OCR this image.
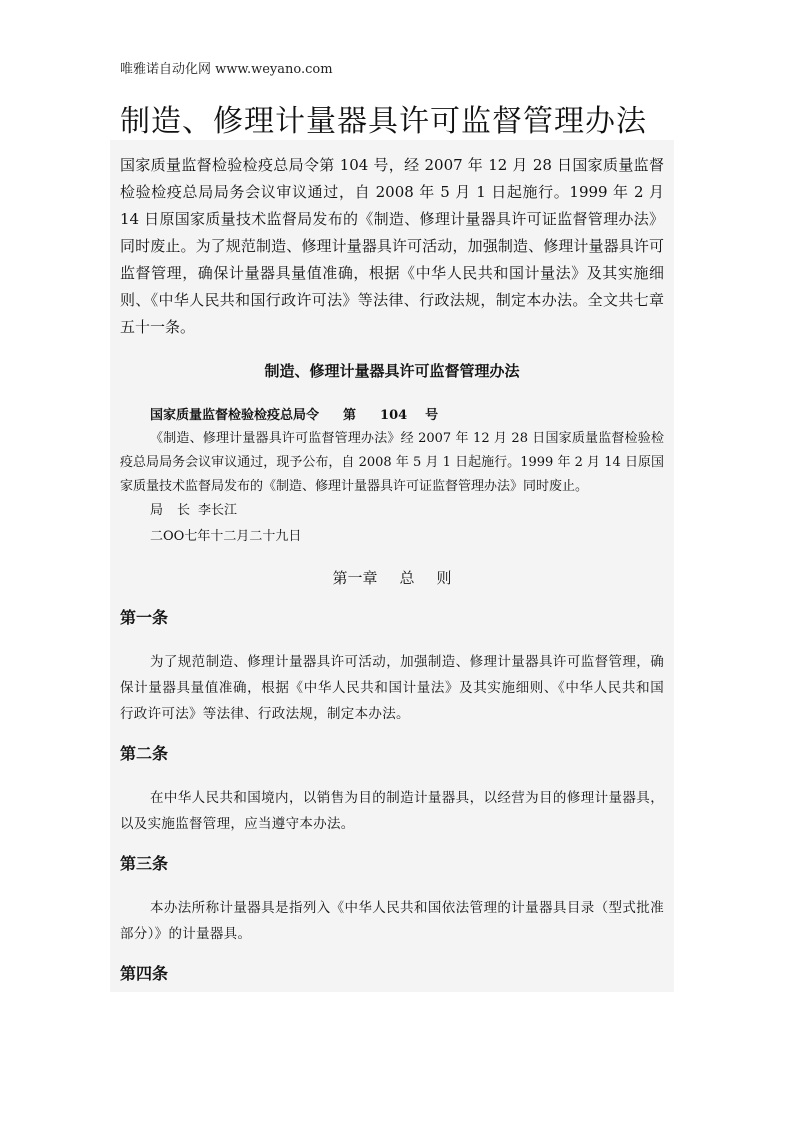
唯雅诺自动化网 www.weyano.com
制造、修理计量器具许可监督管理办法

国家质量监督检验检疫总局令第 104 号，经 2007 年 12 月 28 日国家质量监督检验检疫总局局务会议审议通过，自 2008 年 5 月 1 日起施行。1999 年 2 月 14 日原国家质量技术监督局发布的《制造、修理计量器具许可证监督管理办法》同时废止。为了规范制造、修理计量器具许可活动，加强制造、修理计量器具许可监督管理，确保计量器具量值准确，根据《中华人民共和国计量法》及其实施细则、《中华人民共和国行政许可法》等法律、行政法规，制定本办法。全文共七章五十一条。

制造、修理计量器具许可监督管理办法
国家质量监督检验检疫总局令 第 104 号

《制造、修理计量器具许可监督管理办法》经 2007 年 12 月 28 日国家质量监督检验检疫总局局务会议审议通过，现予公布，自 2008 年 5 月 1 日起施行。1999 年 2 月 14 日原国家质量技术监督局发布的《制造、修理计量器具许可证监督管理办法》同时废止。

局 长 李长江
二OO七年十二月二十九日
第一章 总 则
第一条

为了规范制造、修理计量器具许可活动，加强制造、修理计量器具许可监督管理，确保计量器具量值准确，根据《中华人民共和国计量法》及其实施细则、《中华人民共和国行政许可法》等法律、行政法规，制定本办法。

第二条

在中华人民共和国境内，以销售为目的制造计量器具，以经营为目的修理计量器具，以及实施监督管理，应当遵守本办法。

第三条

本办法所称计量器具是指列入《中华人民共和国依法管理的计量器具目录（型式批准部分）》的计量器具。

第四条
